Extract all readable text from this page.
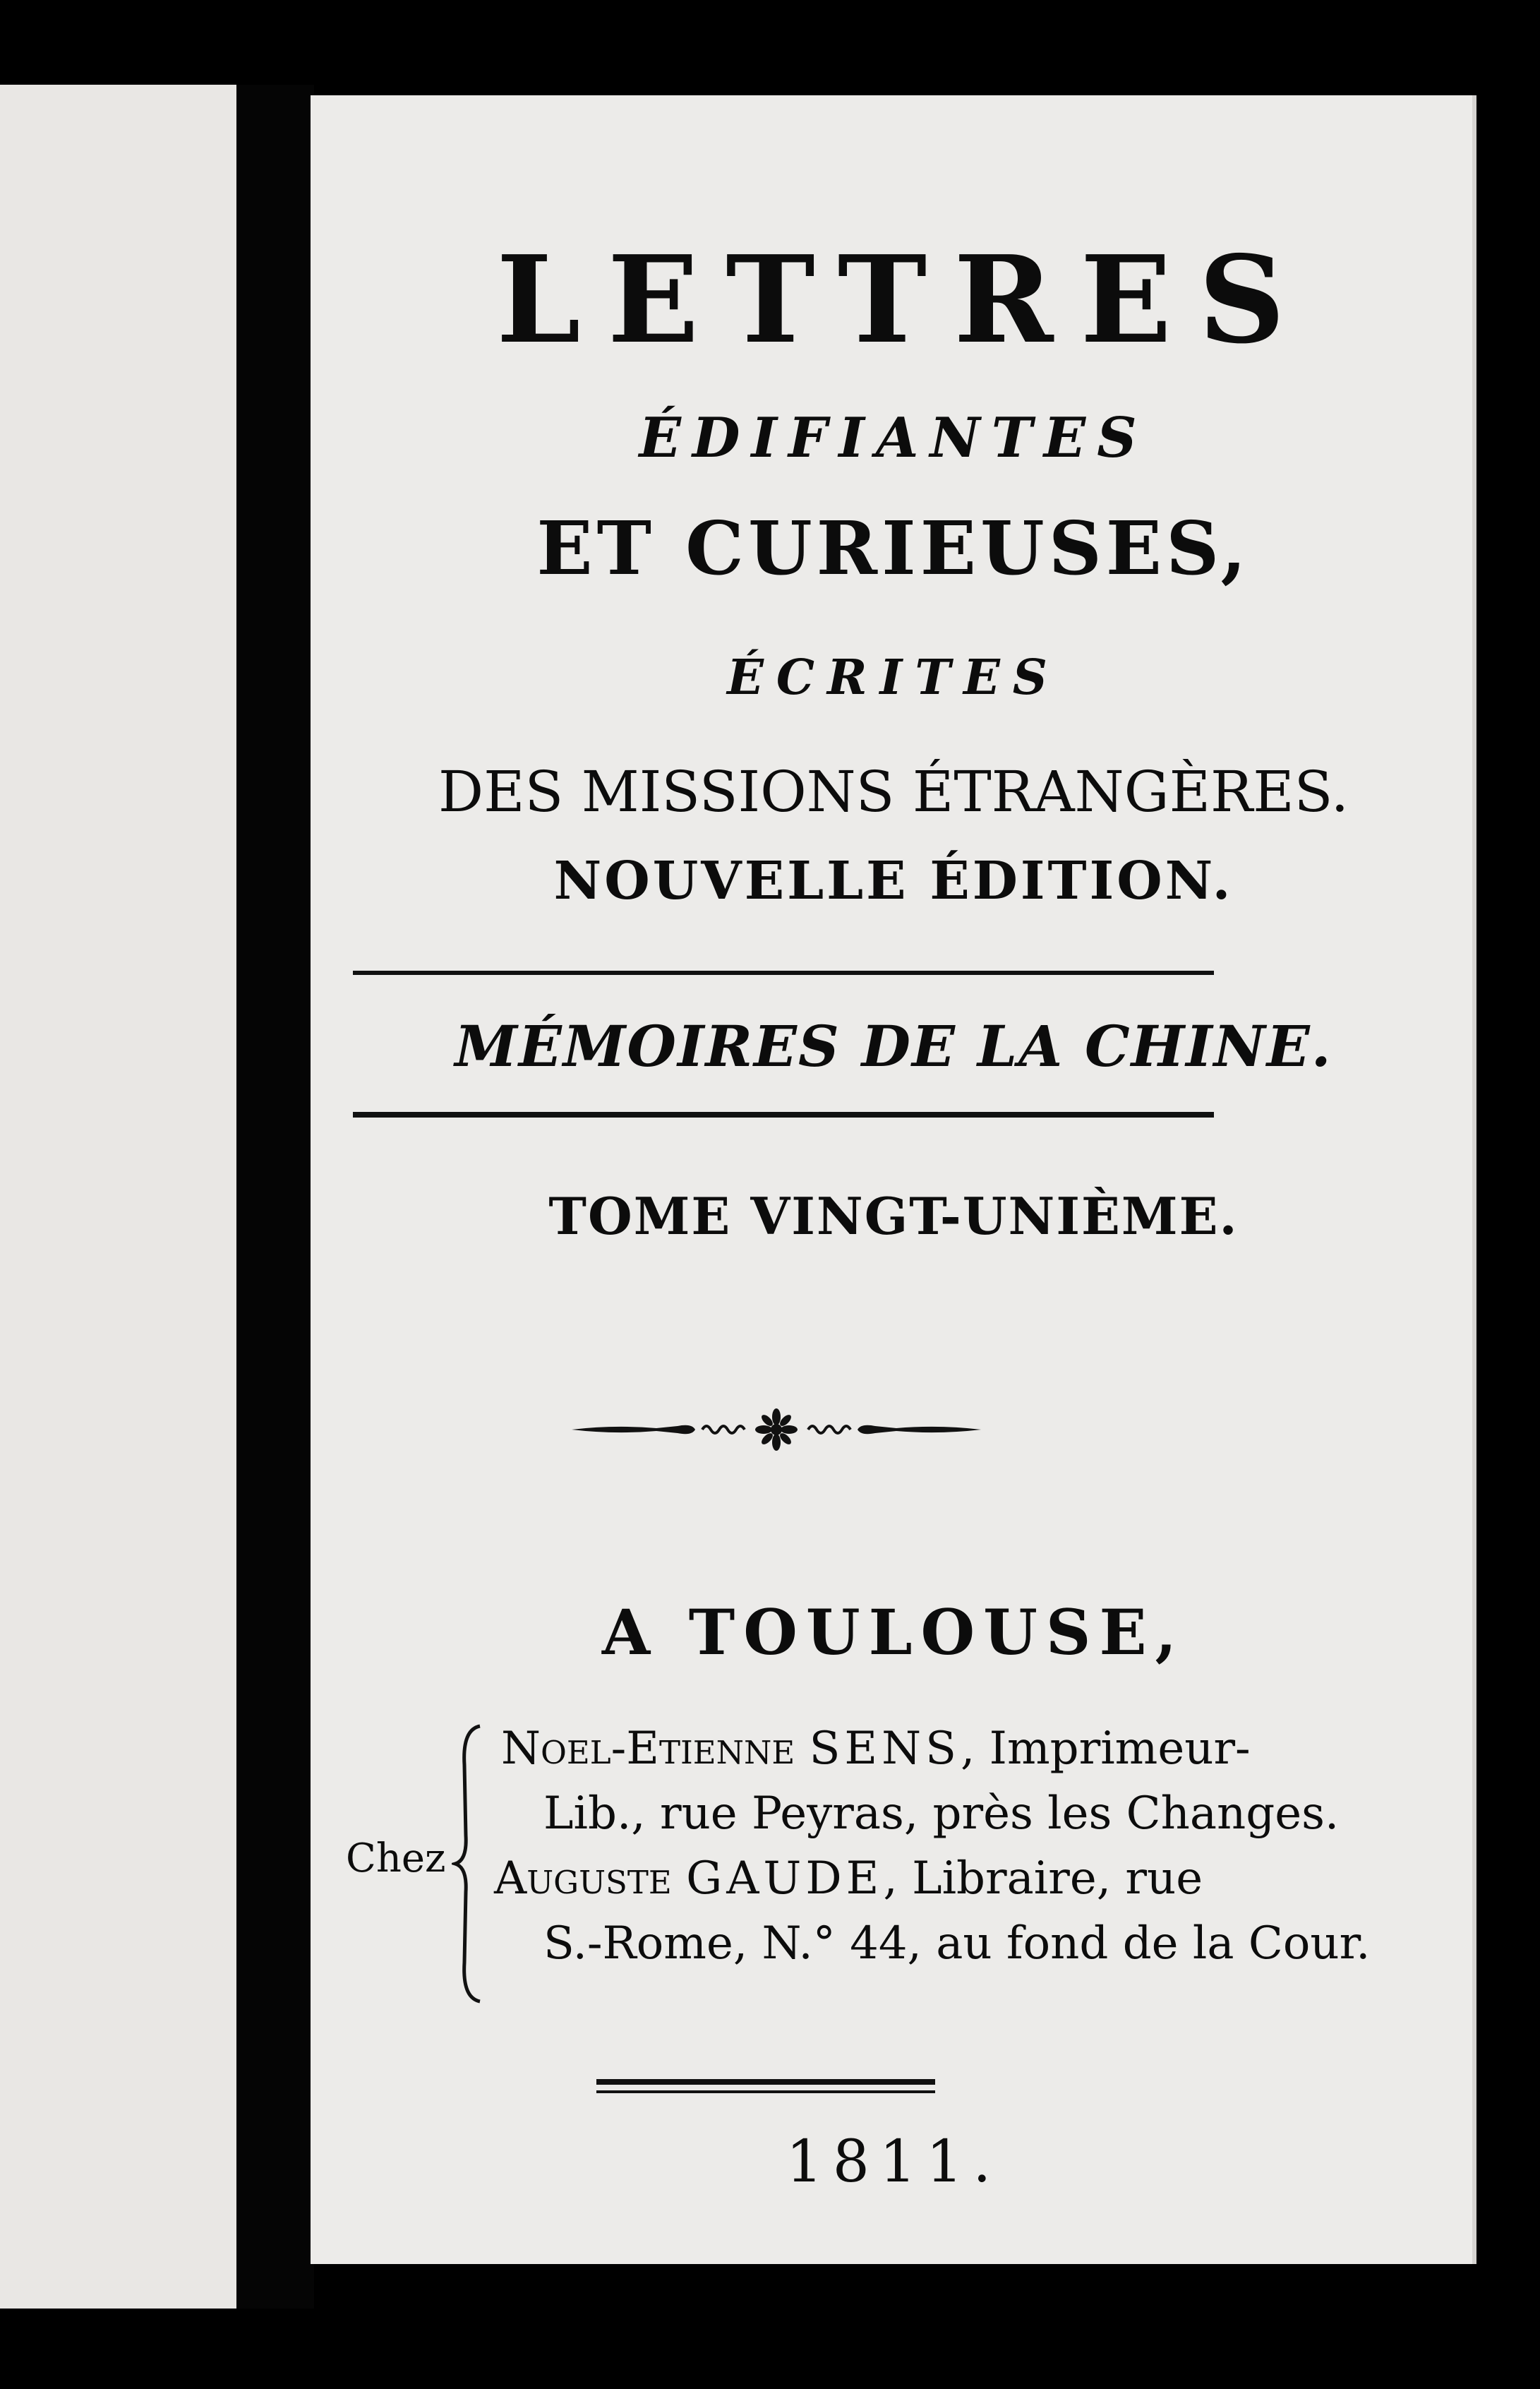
LETTRES
ÉDIFIANTES
ET CURIEUSES,
ÉCRITES
DES MISSIONS ÉTRANGÈRES.
NOUVELLE ÉDITION.
MÉMOIRES DE LA CHINE.
TOME VINGT-UNIÈME.
A TOULOUSE,
Chez
Noel-Etienne SENS, Imprimeur-
Lib., rue Peyras, près les Changes.
Auguste GAUDE, Libraire, rue
S.-Rome, N.° 44, au fond de la Cour.
1811.
